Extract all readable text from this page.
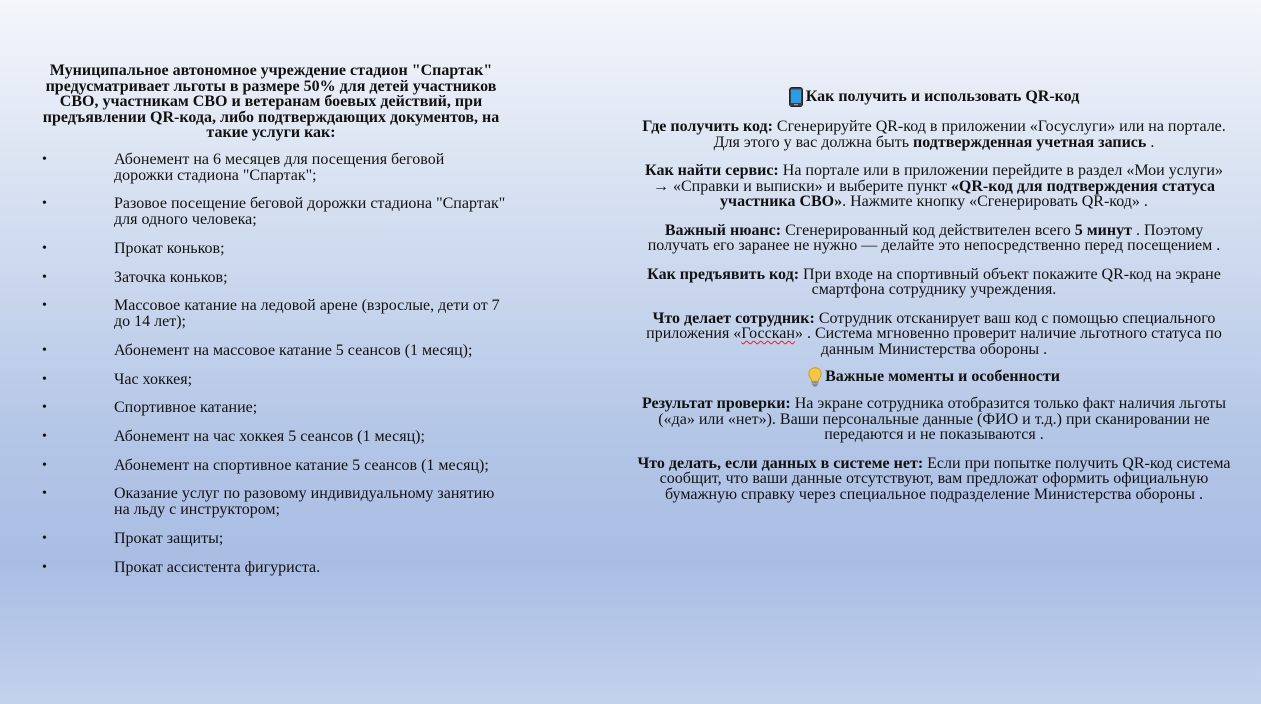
Муниципальное автономное учреждение стадион "Спартак" предусматривает льготы в размере 50% для детей участников СВО, участникам СВО и ветеранам боевых действий, при предъявлении QR-кода, либо подтверждающих документов, на такие услуги как:

•	Абонемент на 6 месяцев для посещения беговой дорожки стадиона "Спартак";
•	Разовое посещение беговой дорожки стадиона "Спартак" для одного человека;
•	Прокат коньков;
•	Заточка коньков;
•	Массовое катание на ледовой арене (взрослые, дети от 7 до 14 лет);
•	Абонемент на массовое катание 5 сеансов (1 месяц);
•	Час хоккея;
•	Спортивное катание;
•	Абонемент на час хоккея 5 сеансов (1 месяц);
•	Абонемент на спортивное катание 5 сеансов (1 месяц);
•	Оказание услуг по разовому индивидуальному занятию на льду с инструктором;
•	Прокат защиты;
•	Прокат ассистента фигуриста.
Как получить и использовать QR-код

Где получить код: Сгенерируйте QR-код в приложении «Госуслуги» или на портале. Для этого у вас должна быть подтвержденная учетная запись .

Как найти сервис: На портале или в приложении перейдите в раздел «Мои услуги» → «Справки и выписки» и выберите пункт «QR-код для подтверждения статуса участника СВО». Нажмите кнопку «Сгенерировать QR-код» .

Важный нюанс: Сгенерированный код действителен всего 5 минут . Поэтому получать его заранее не нужно — делайте это непосредственно перед посещением .

Как предъявить код: При входе на спортивный объект покажите QR-код на экране смартфона сотруднику учреждения.

Что делает сотрудник: Сотрудник отсканирует ваш код с помощью специального приложения «Госскан» . Система мгновенно проверит наличие льготного статуса по данным Министерства обороны .

Важные моменты и особенности

Результат проверки: На экране сотрудника отобразится только факт наличия льготы («да» или «нет»). Ваши персональные данные (ФИО и т.д.) при сканировании не передаются и не показываются .

Что делать, если данных в системе нет: Если при попытке получить QR-код система сообщит, что ваши данные отсутствуют, вам предложат оформить официальную бумажную справку через специальное подразделение Министерства обороны .
